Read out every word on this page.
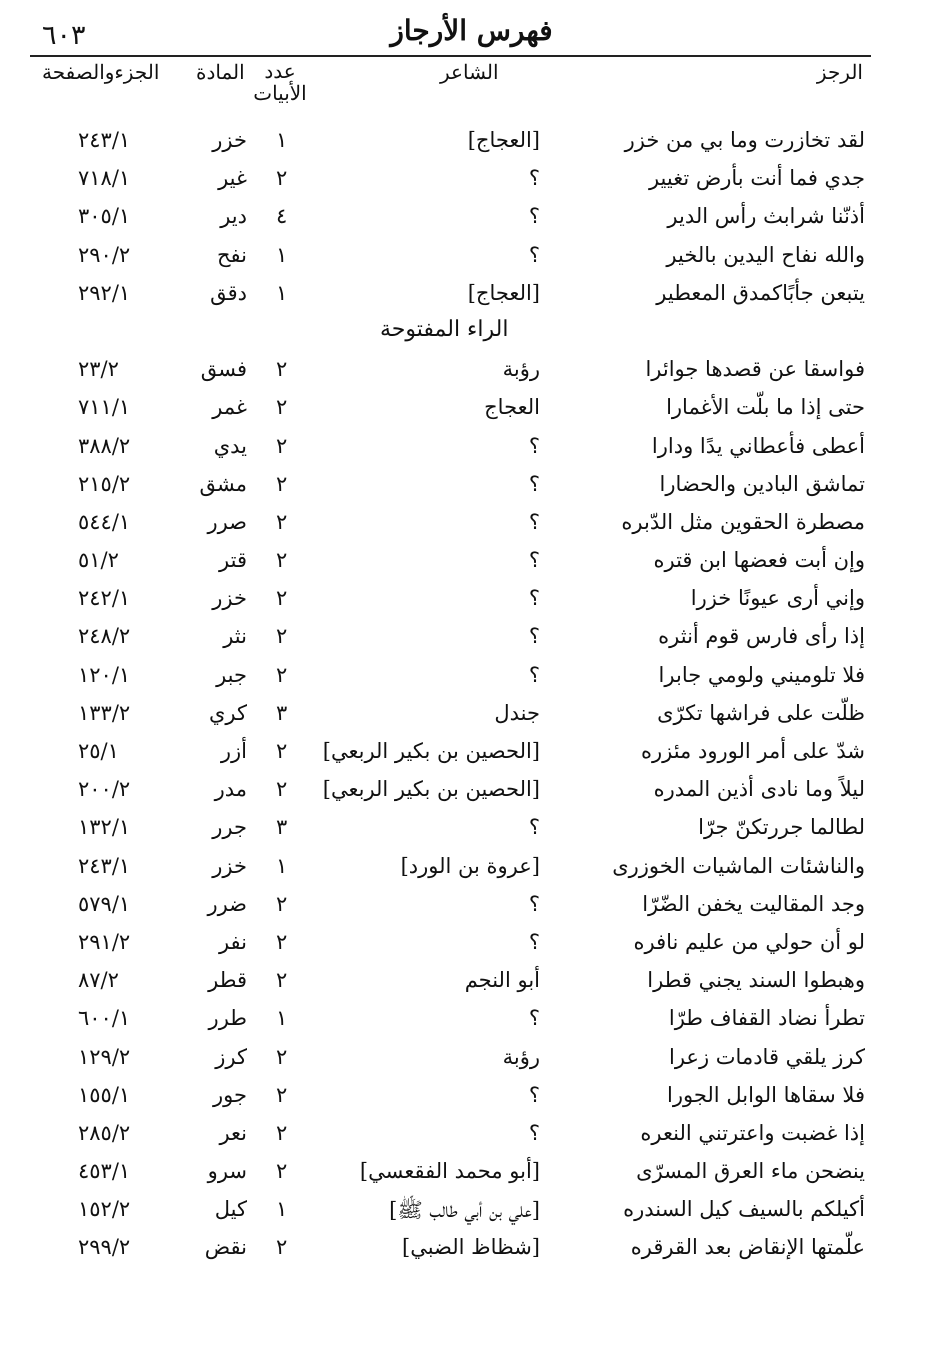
٦٠٣	فهرس الأرجاز
الرجز
الشاعر
عدد الأبيات
المادة
الجزءوالصفحة
لقد تخازرت وما بي من خزر
[العجاج]
١
خزر
٢٤٣/١
جدي فما أنت بأرض تغيير
؟
٢
غير
٧١٨/١
أذنّنا شرابث رأس الدير
؟
٤
دير
٣٠٥/١
والله نفاح اليدين بالخير
؟
١
نفح
٢٩٠/٢
يتبعن جأبًاكمدق المعطير
[العجاج]
١
دقق
٢٩٢/١
الراء المفتوحة
فواسقا عن قصدها جوائرا
رؤبة
٢
فسق
٢٣/٢
حتى إذا ما بلّت الأغمارا
العجاج
٢
غمر
٧١١/١
أعطى فأعطاني يدًا ودارا
؟
٢
يدي
٣٨٨/٢
تماشق البادين والحضارا
؟
٢
مشق
٢١٥/٢
مصطرة الحقوين مثل الدّبره
؟
٢
صرر
٥٤٤/١
وإن أبت فعضها ابن قتره
؟
٢
قتر
٥١/٢
وإني أرى عيونًا خزرا
؟
٢
خزر
٢٤٢/١
إذا رأى فارس قوم أنثره
؟
٢
نثر
٢٤٨/٢
فلا تلوميني ولومي جابرا
؟
٢
جبر
١٢٠/١
ظلّت على فراشها تكرّى
جندل
٣
كري
١٣٣/٢
شدّ على أمر الورود مئزره
[الحصين بن بكير الربعي]
٢
أزر
٢٥/١
ليلاً وما نادى أذين المدره
[الحصين بن بكير الربعي]
٢
مدر
٢٠٠/٢
لطالما جررتكنّ جرّا
؟
٣
جرر
١٣٢/١
والناشئات الماشيات الخوزرى
[عروة بن الورد]
١
خزر
٢٤٣/١
وجد المقاليت يخفن الضّرّا
؟
٢
ضرر
٥٧٩/١
لو أن حولي من عليم نافره
؟
٢
نفر
٢٩١/٢
وهبطوا السند يجني قطرا
أبو النجم
٢
قطر
٨٧/٢
تطرأ نضاد القفاف طرّا
؟
١
طرر
٦٠٠/١
كرز يلقي قادمات زعرا
رؤبة
٢
كرز
١٢٩/٢
فلا سقاها الوابل الجورا
؟
٢
جور
١٥٥/١
إذا غضبت واعترتني النعره
؟
٢
نعر
٢٨٥/٢
ينضحن ماء العرق المسرّى
[أبو محمد الفقعسي]
٢
سرو
٤٥٣/١
أكيلكم بالسيف كيل السندره
[علي بن أبي طالب ﷺ]
١
كيل
١٥٢/٢
علّمتها الإنقاض بعد القرقره
[شظاظ الضبي]
٢
نقض
٢٩٩/٢
